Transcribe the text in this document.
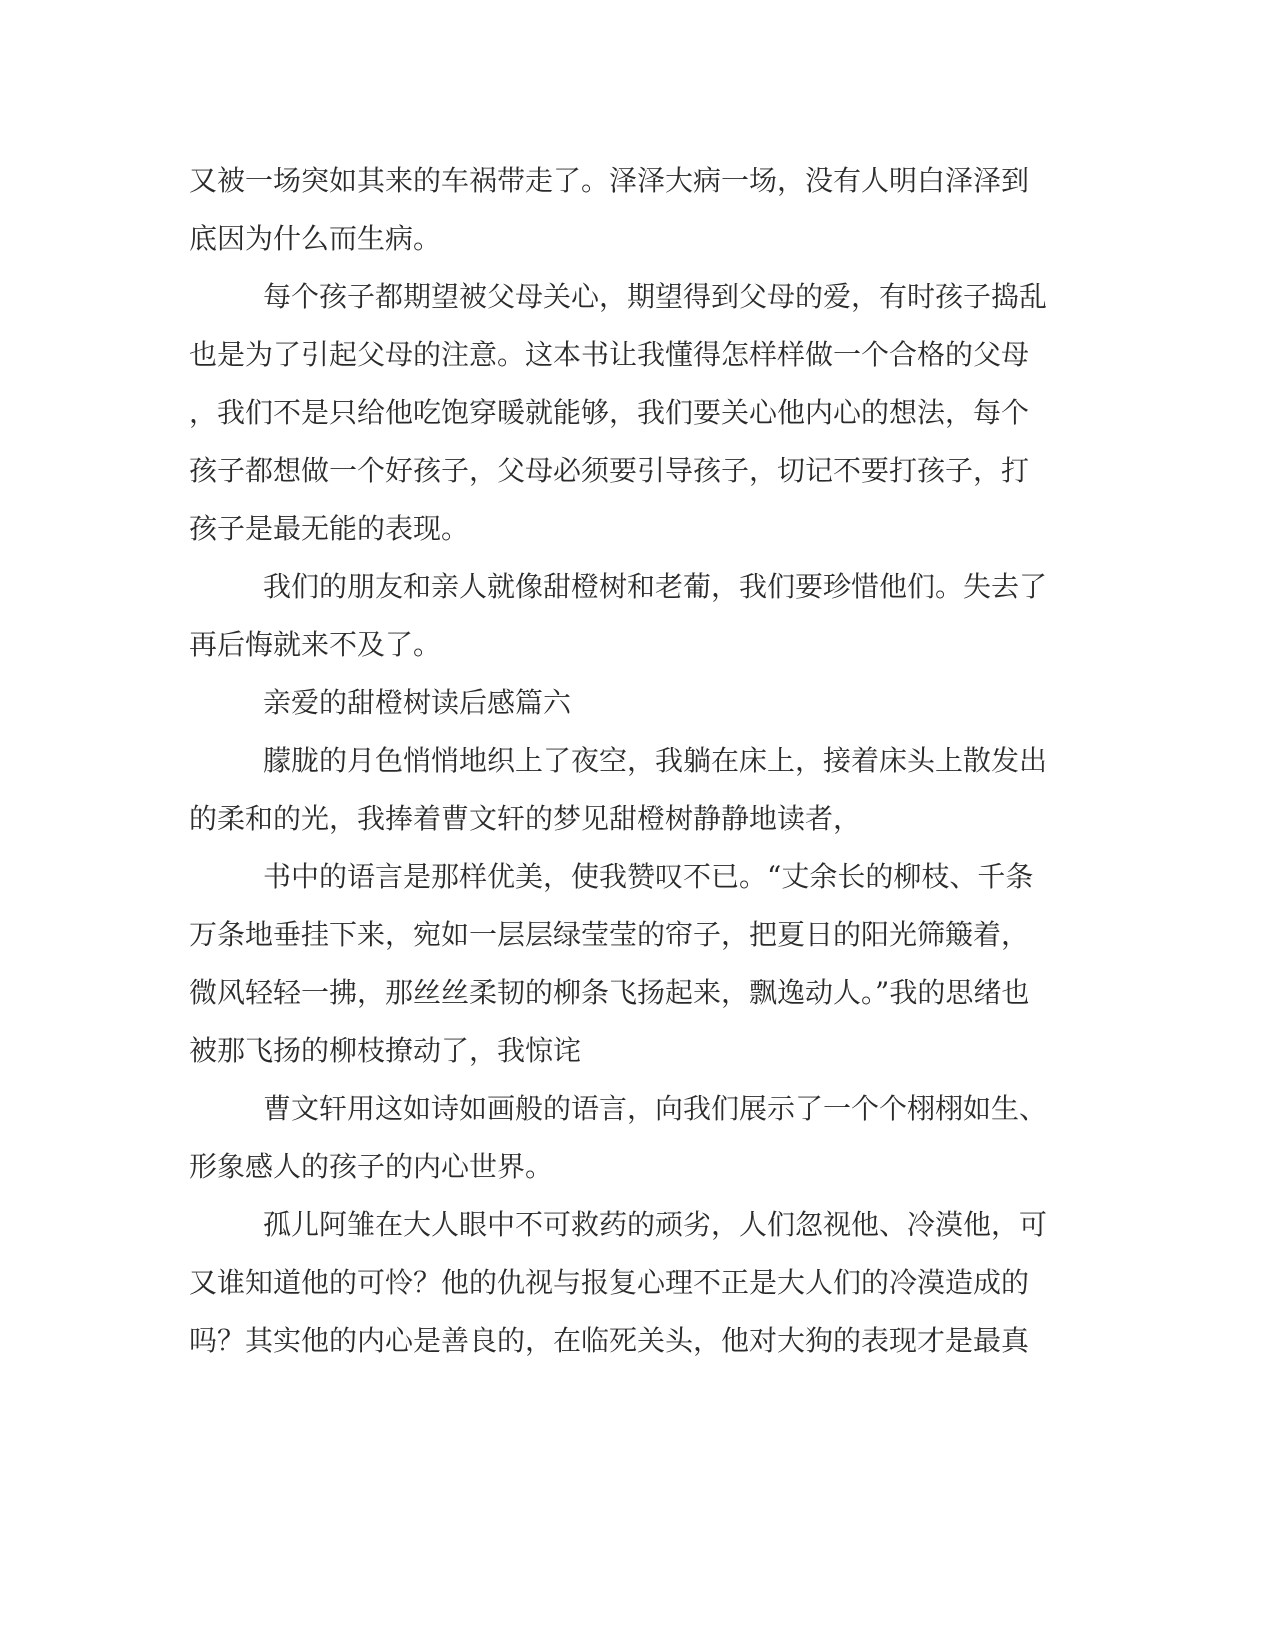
又被一场突如其来的车祸带走了。泽泽大病一场，没有人明白泽泽到
底因为什么而生病。
每个孩子都期望被父母关心，期望得到父母的爱，有时孩子捣乱
也是为了引起父母的注意。这本书让我懂得怎样样做一个合格的父母
，我们不是只给他吃饱穿暖就能够，我们要关心他内心的想法，每个
孩子都想做一个好孩子，父母必须要引导孩子，切记不要打孩子，打
孩子是最无能的表现。
我们的朋友和亲人就像甜橙树和老葡，我们要珍惜他们。失去了
再后悔就来不及了。
亲爱的甜橙树读后感篇六
朦胧的月色悄悄地织上了夜空，我躺在床上，接着床头上散发出
的柔和的光，我捧着曹文轩的梦见甜橙树静静地读者，
书中的语言是那样优美，使我赞叹不已。“丈余长的柳枝、千条
万条地垂挂下来，宛如一层层绿莹莹的帘子，把夏日的阳光筛簸着，
微风轻轻一拂，那丝丝柔韧的柳条飞扬起来，飘逸动人。”我的思绪也
被那飞扬的柳枝撩动了，我惊诧
曹文轩用这如诗如画般的语言，向我们展示了一个个栩栩如生、
形象感人的孩子的内心世界。
孤儿阿雏在大人眼中不可救药的顽劣，人们忽视他、冷漠他，可
又谁知道他的可怜？他的仇视与报复心理不正是大人们的冷漠造成的
吗？其实他的内心是善良的，在临死关头，他对大狗的表现才是最真
